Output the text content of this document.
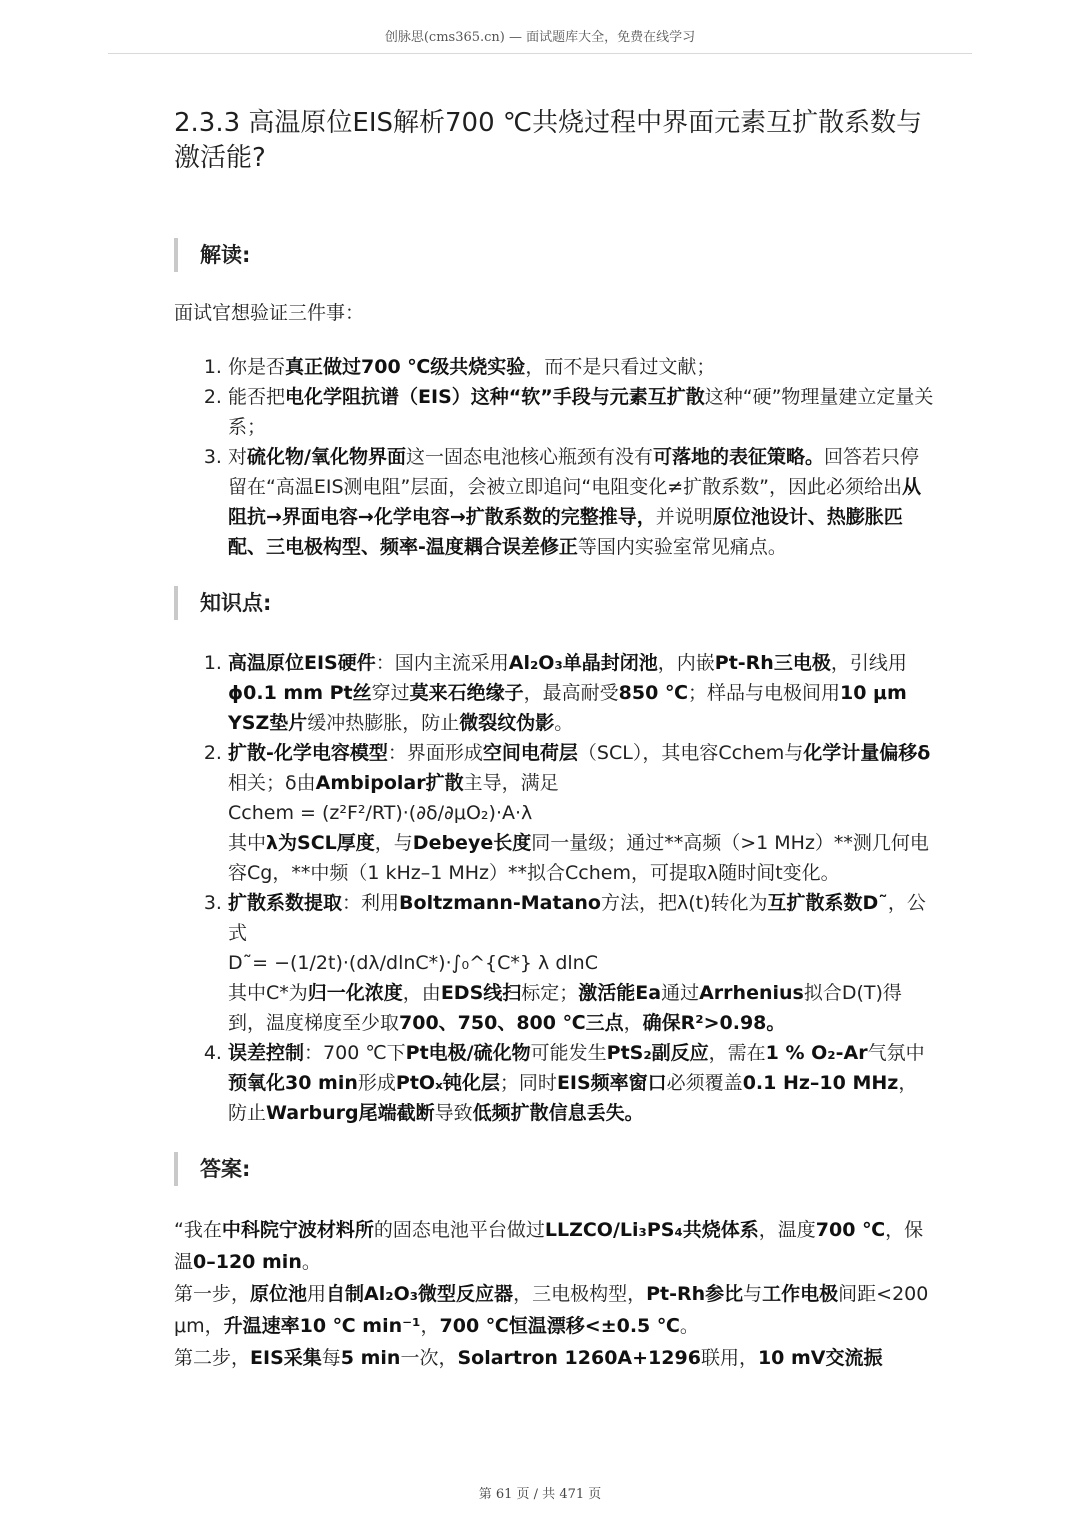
创脉思(cms365.cn) — 面试题库大全，免费在线学习
2.3.3 高温原位EIS解析700 ℃共烧过程中界面元素互扩散系数与激活能?
解读:
面试官想验证三件事：
1. 你是否真正做过700 ℃级共烧实验，而不是只看过文献；
2. 能否把电化学阻抗谱（EIS）这种“软”手段与元素互扩散这种“硬”物理量建立定量关系；
3. 对硫化物/氧化物界面这一固态电池核心瓶颈有没有可落地的表征策略。回答若只停留在“高温EIS测电阻”层面，会被立即追问“电阻变化≠扩散系数”，因此必须给出从阻抗→界面电容→化学电容→扩散系数的完整推导，并说明原位池设计、热膨胀匹配、三电极构型、频率-温度耦合误差修正等国内实验室常见痛点。
知识点:
1. 高温原位EIS硬件：国内主流采用Al₂O₃单晶封闭池，内嵌Pt-Rh三电极，引线用ϕ0.1 mm Pt丝穿过莫来石绝缘子，最高耐受850 ℃；样品与电极间用10 μm YSZ垫片缓冲热膨胀，防止微裂纹伪影。
2. 扩散-化学电容模型：界面形成空间电荷层（SCL），其电容Cchem与化学计量偏移δ相关；δ由Ambipolar扩散主导，满足
Cchem = (z²F²/RT)·(∂δ/∂μO₂)·A·λ
其中λ为SCL厚度，与Debeye长度同一量级；通过**高频（>1 MHz）**测几何电容Cg，**中频（1 kHz–1 MHz）**拟合Cchem，可提取λ随时间t变化。
3. 扩散系数提取：利用Boltzmann-Matano方法，把λ(t)转化为互扩散系数D˜，公式
D˜= −(1/2t)·(dλ/dlnC*)·∫₀^{C*} λ dlnC
其中C*为归一化浓度，由EDS线扫标定；激活能Ea通过Arrhenius拟合D(T)得到，温度梯度至少取700、750、800 ℃三点，确保R²>0.98。
4. 误差控制：700 ℃下Pt电极/硫化物可能发生PtS₂副反应，需在1 % O₂-Ar气氛中预氧化30 min形成PtOₓ钝化层；同时EIS频率窗口必须覆盖0.1 Hz–10 MHz，防止Warburg尾端截断导致低频扩散信息丢失。
答案:

“我在中科院宁波材料所的固态电池平台做过LLZCO/Li₃PS₄共烧体系，温度700 ℃，保温0–120 min。

第一步，原位池用自制Al₂O₃微型反应器，三电极构型，Pt-Rh参比与工作电极间距<200 μm，升温速率10 ℃ min⁻¹，700 ℃恒温漂移<±0.5 ℃。

第二步，EIS采集每5 min一次，Solartron 1260A+1296联用，10 mV交流振

第 61 页 / 共 471 页
